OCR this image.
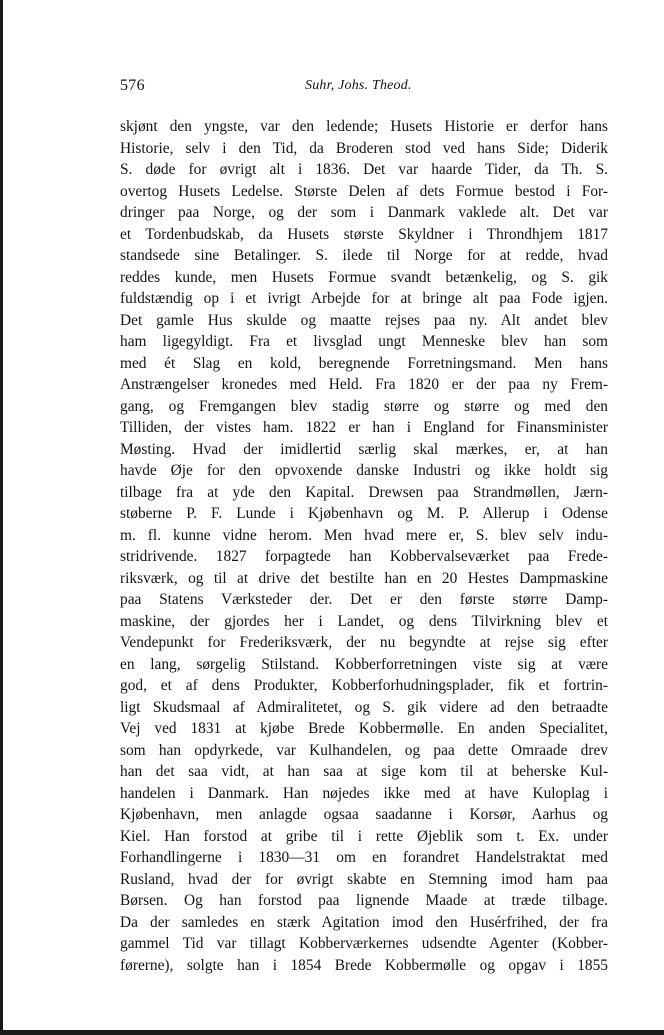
576	Suhr, Johs. Theod.
skjønt den yngste, var den ledende; Husets Historie er derfor hans
Historie, selv i den Tid, da Broderen stod ved hans Side; Diderik
S. døde for øvrigt alt i 1836. Det var haarde Tider, da Th. S.
overtog Husets Ledelse. Største Delen af dets Formue bestod i For-
dringer paa Norge, og der som i Danmark vaklede alt. Det var
et Tordenbudskab, da Husets største Skyldner i Throndhjem 1817
standsede sine Betalinger. S. ilede til Norge for at redde, hvad
reddes kunde, men Husets Formue svandt betænkelig, og S. gik
fuldstændig op i et ivrigt Arbejde for at bringe alt paa Fode igjen.
Det gamle Hus skulde og maatte rejses paa ny. Alt andet blev
ham ligegyldigt. Fra et livsglad ungt Menneske blev han som
med ét Slag en kold, beregnende Forretningsmand. Men hans
Anstrængelser kronedes med Held. Fra 1820 er der paa ny Frem-
gang, og Fremgangen blev stadig større og større og med den
Tilliden, der vistes ham. 1822 er han i England for Finansminister
Møsting. Hvad der imidlertid særlig skal mærkes, er, at han
havde Øje for den opvoxende danske Industri og ikke holdt sig
tilbage fra at yde den Kapital. Drewsen paa Strandmøllen, Jærn-
støberne P. F. Lunde i Kjøbenhavn og M. P. Allerup i Odense
m. fl. kunne vidne herom. Men hvad mere er, S. blev selv indu-
stridrivende. 1827 forpagtede han Kobbervalseværket paa Frede-
riksværk, og til at drive det bestilte han en 20 Hestes Dampmaskine
paa Statens Værksteder der. Det er den første større Damp-
maskine, der gjordes her i Landet, og dens Tilvirkning blev et
Vendepunkt for Frederiksværk, der nu begyndte at rejse sig efter
en lang, sørgelig Stilstand. Kobberforretningen viste sig at være
god, et af dens Produkter, Kobberforhudningsplader, fik et fortrin-
ligt Skudsmaal af Admiralitetet, og S. gik videre ad den betraadte
Vej ved 1831 at kjøbe Brede Kobbermølle. En anden Specialitet,
som han opdyrkede, var Kulhandelen, og paa dette Omraade drev
han det saa vidt, at han saa at sige kom til at beherske Kul-
handelen i Danmark. Han nøjedes ikke med at have Kuloplag i
Kjøbenhavn, men anlagde ogsaa saadanne i Korsør, Aarhus og
Kiel. Han forstod at gribe til i rette Øjeblik som t. Ex. under
Forhandlingerne i 1830—31 om en forandret Handelstraktat med
Rusland, hvad der for øvrigt skabte en Stemning imod ham paa
Børsen. Og han forstod paa lignende Maade at træde tilbage.
Da der samledes en stærk Agitation imod den Husérfrihed, der fra
gammel Tid var tillagt Kobberværkernes udsendte Agenter (Kobber-
førerne), solgte han i 1854 Brede Kobbermølle og opgav i 1855
